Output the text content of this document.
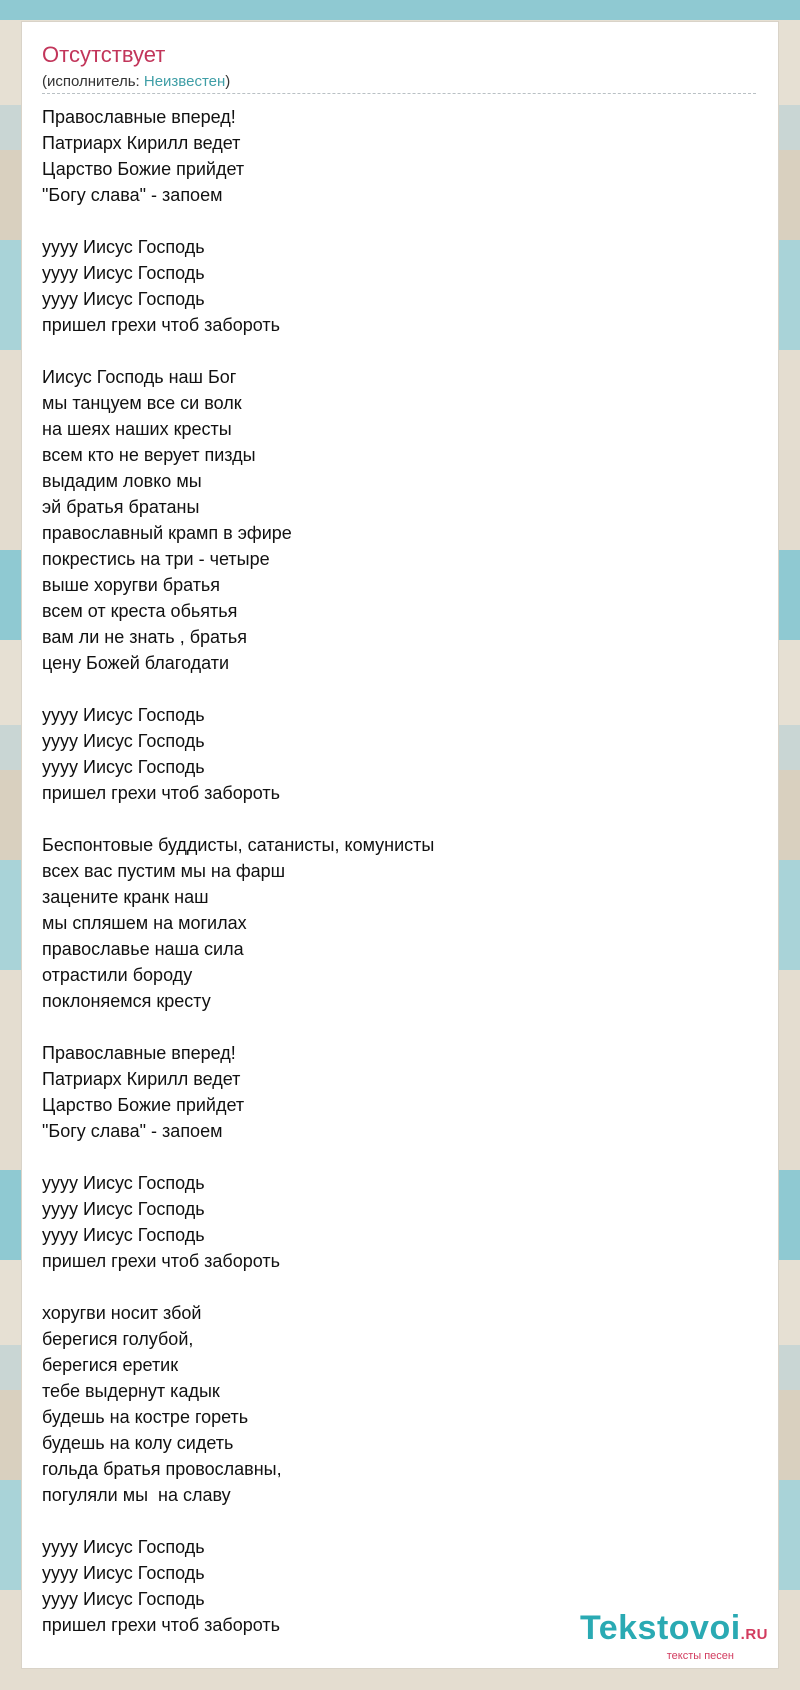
Отсутствует
(исполнитель: Неизвестен)
Православные вперед!
Патриарх Кирилл ведет
Царство Божие прийдет
"Богу слава" - запоем

уууу Иисус Господь
уууу Иисус Господь
уууу Иисус Господь
пришел грехи чтоб забороть

Иисус Господь наш Бог
мы танцуем все си волк
на шеях наших кресты
всем кто не верует пизды
выдадим ловко мы
эй братья братаны
православный крамп в эфире
покрестись на три - четыре
выше хоругви братья
всем от креста обьятья
вам ли не знать , братья
цену Божей благодати

уууу Иисус Господь
уууу Иисус Господь
уууу Иисус Господь
пришел грехи чтоб забороть

Беспонтовые буддисты, сатанисты, комунисты
всех вас пустим мы на фарш
зацените кранк наш
мы спляшем на могилах
православье наша сила
отрастили бороду
поклоняемся кресту

Православные вперед!
Патриарх Кирилл ведет
Царство Божие прийдет
"Богу слава" - запоем

уууу Иисус Господь
уууу Иисус Господь
уууу Иисус Господь
пришел грехи чтоб забороть

хоругви носит збой
берегися голубой,
берегися еретик
тебе выдернут кадык
будешь на костре гореть
будешь на колу сидеть
гольда братья провославны,
погуляли мы  на славу

уууу Иисус Господь
уууу Иисус Господь
уууу Иисус Господь
пришел грехи чтоб забороть	Tekstovoi.RU
тексты песен
